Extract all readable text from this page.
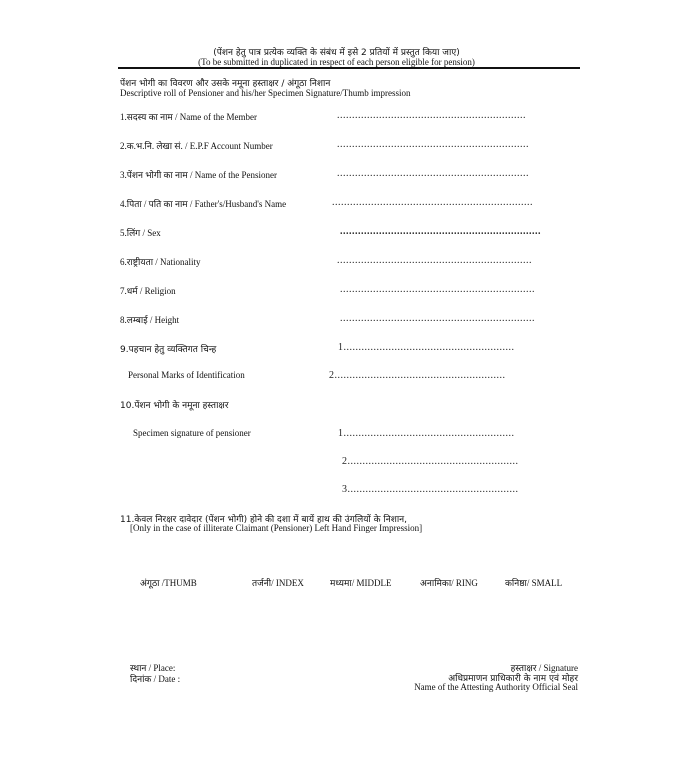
(पेंशन हेतु पात्र प्रत्येक व्यक्ति के संबंध में इसे 2 प्रतियों में प्रस्तुत किया जाए)
(To be submitted in duplicated in respect of each person eligible for pension)
पेंशन भोगी का विवरण और उसके नमूना हस्ताक्षर / अंगूठा निशान
Descriptive roll of Pensioner and his/her Specimen Signature/Thumb impression
1.सदस्य का नाम / Name of the Member	...............................................................
2.क.भ.नि. लेखा सं. / E.P.F Account Number	................................................................
3.पेंशन भोगी का नाम / Name of the Pensioner	................................................................
4.पिता / पति का नाम / Father's/Husband's Name	...................................................................
5.लिंग / Sex	...................................................................
6.राष्ट्रीयता / Nationality	.................................................................
7.धर्म / Religion	.................................................................
8.लम्बाई / Height	.................................................................
9.पहचान हेतु व्यक्तिगत चिन्ह	1.........................................................
Personal Marks of Identification	2.........................................................
10.पेंशन भोगी के नमूना हस्ताक्षर
Specimen signature of pensioner	1.........................................................
2.........................................................
3.........................................................
11.केवल निरक्षर दावेदार (पेंशन भोगी) होने की दशा में बायें हाथ की उंगलियों के निशान,
[Only in the case of illiterate Claimant (Pensioner) Left Hand Finger Impression]
अंगूठा /THUMB	तर्जनी/ INDEX	मध्यमा/ MIDDLE	अनामिका/ RING	कनिष्ठा/ SMALL
स्थान / Place:
दिनांक / Date :
हस्ताक्षर / Signature
अधिप्रमाणन प्राधिकारी के नाम एवं मोहर
Name of the Attesting Authority Official Seal
